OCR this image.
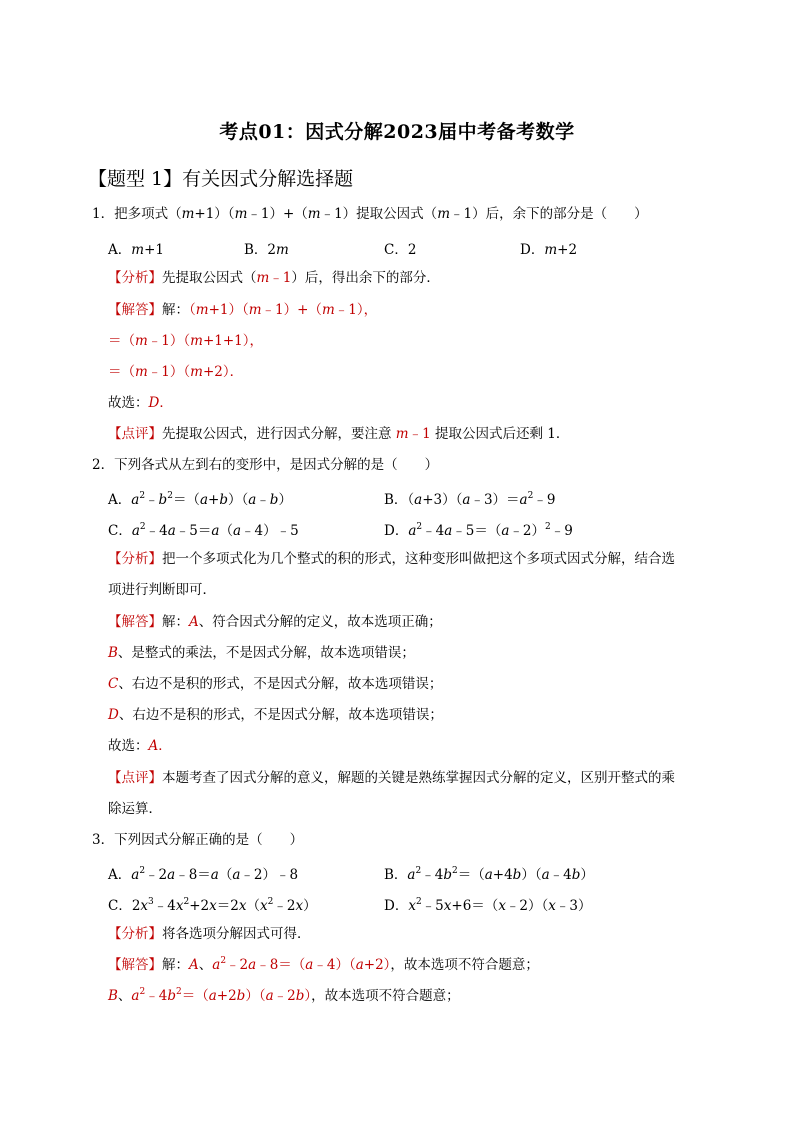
考点01：因式分解2023届中考备考数学
【题型 1】有关因式分解选择题
1．把多项式（m+1）（m﹣1）+（m﹣1）提取公因式（m﹣1）后，余下的部分是（　　）
A．m+1	B．2m	C．2	D．m+2
【分析】先提取公因式（m﹣1）后，得出余下的部分．
【解答】解：（m+1）（m﹣1）+（m﹣1），
＝（m﹣1）（m+1+1），
＝（m﹣1）（m+2）．
故选：D．
【点评】先提取公因式，进行因式分解，要注意 m﹣1 提取公因式后还剩 1．
2．下列各式从左到右的变形中，是因式分解的是（　　）
A．$a^2﹣b^2=(a+b)(a﹣b)$	B．$(a+3)(a﹣3)=a^2﹣9$
C．$a^2﹣4a﹣5=a(a﹣4)﹣5$	D．$a^2﹣4a﹣5=(a﹣2)^2﹣9$
【分析】把一个多项式化为几个整式的积的形式，这种变形叫做把这个多项式因式分解，结合选
项进行判断即可．
【解答】解：A、符合因式分解的定义，故本选项正确；
B、是整式的乘法，不是因式分解，故本选项错误；
C、右边不是积的形式，不是因式分解，故本选项错误；
D、右边不是积的形式，不是因式分解，故本选项错误；
故选：A．
【点评】本题考查了因式分解的意义，解题的关键是熟练掌握因式分解的定义，区别开整式的乘
除运算．
3．下列因式分解正确的是（　　）
A．$a^2﹣2a﹣8=a(a﹣2)﹣8$	B．$a^2﹣4b^2=(a+4b)(a﹣4b)$
C．$2x^3﹣4x^2+2x=2x(x^2﹣2x)$	D．$x^2﹣5x+6=(x﹣2)(x﹣3)$
【分析】将各选项分解因式可得．
【解答】解：A、$a^2﹣2a﹣8=(a﹣4)(a+2)$，故本选项不符合题意；
B、$a^2﹣4b^2=(a+2b)(a﹣2b)$，故本选项不符合题意；
